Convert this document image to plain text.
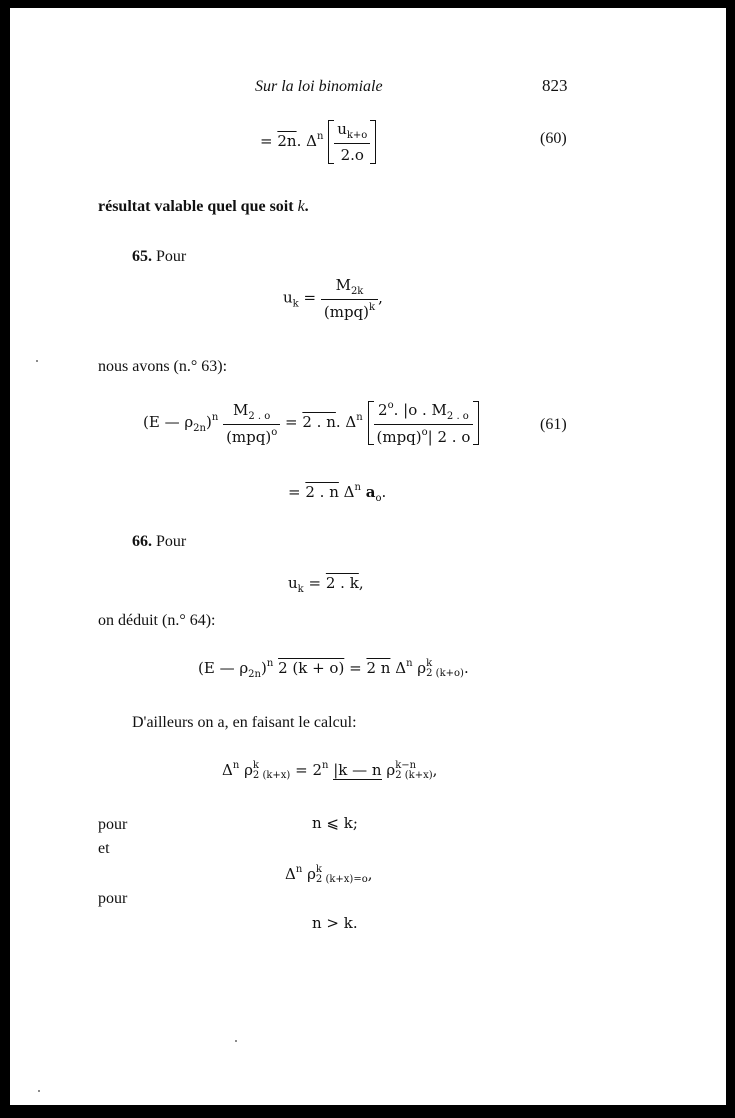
Sur la loi binomiale	823
= 2n. $\Delta^n \frac{u_{k+o}}{2.o}$	(60)
résultat valable quel que soit k.
65. Pour
$u_k = \frac{M_{2k}}{(mpq)^k}$ ,
nous avons (n.° 63):
(E — $\rho_{2n})^n \frac{M_{2 . o}}{(mpq)^o} = 2$ . n. $\Delta^n \frac{2^o. |o . M_{2 . o}}{(mpq)^o| 2 . o}$	(61)
= 2 . n $\Delta^n$ $a_o$.
66. Pour
$u_k = 2$ . k,
on déduit (n.° 64):
(E — $\rho_{2n})^n$ 2 (k + o) = 2 n $\Delta^n$ ρ k
2 (k+o) .
D'ailleurs on a, en faisant le calcul:
$\Delta^n$ ρ k
2 $(k+x) = 2^n$ |k — n ρ k−n
2 (k+x) ,
pour	n ⩽ k;
et
$\Delta^n$ ρ k
2 (k+x)=o ,
pour
n > k.
